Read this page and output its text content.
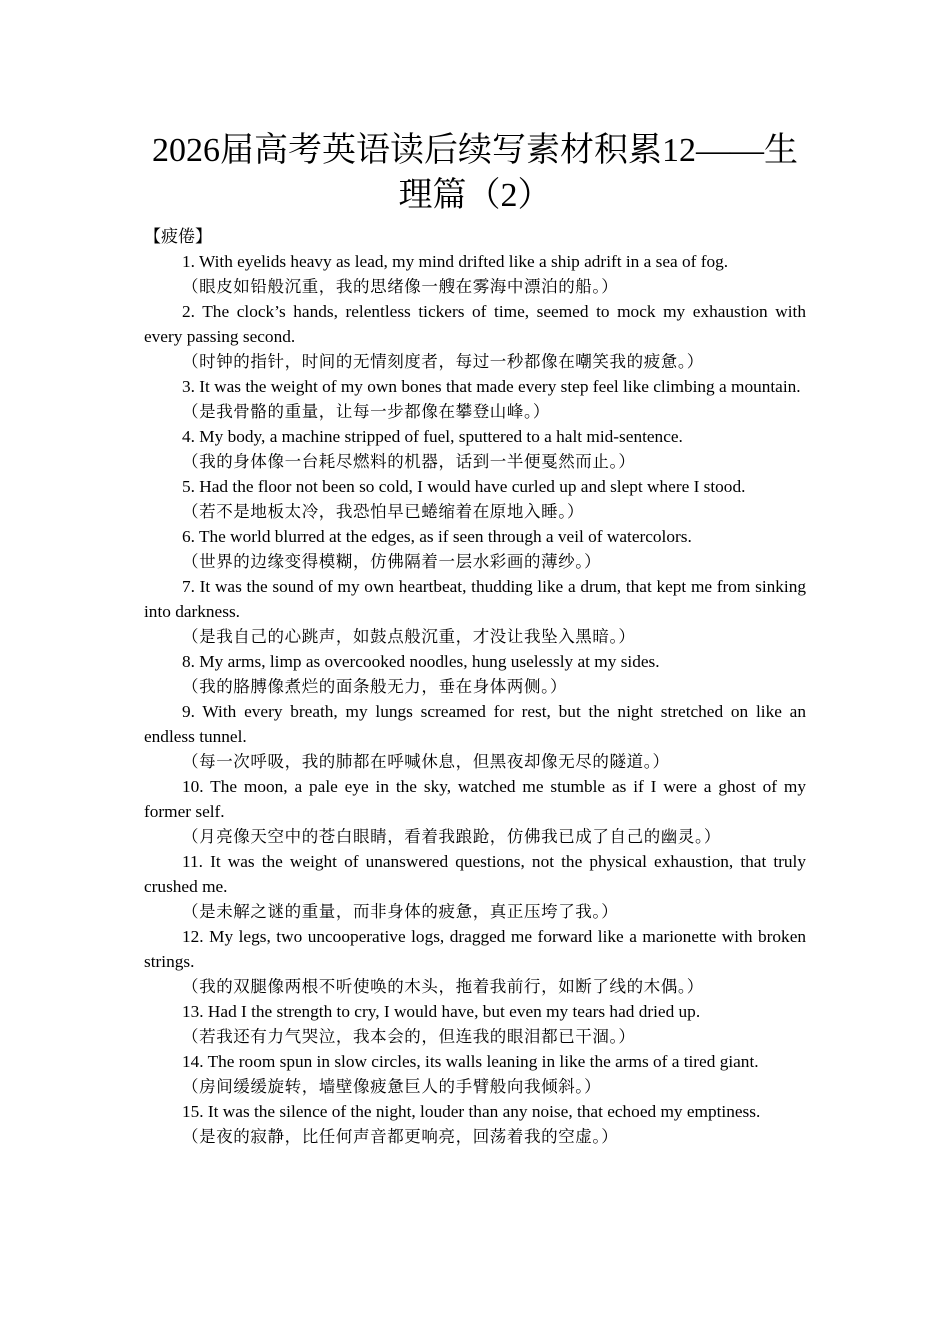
2026届高考英语读后续写素材积累12——生理篇（2）
【疲倦】

1. With eyelids heavy as lead, my mind drifted like a ship adrift in a sea of fog.

（眼皮如铅般沉重，我的思绪像一艘在雾海中漂泊的船。）

2. The clock’s hands, relentless tickers of time, seemed to mock my exhaustion with every passing second.

（时钟的指针，时间的无情刻度者，每过一秒都像在嘲笑我的疲惫。）

3. It was the weight of my own bones that made every step feel like climbing a mountain.

（是我骨骼的重量，让每一步都像在攀登山峰。）

4. My body, a machine stripped of fuel, sputtered to a halt mid-sentence.

（我的身体像一台耗尽燃料的机器，话到一半便戛然而止。）

5. Had the floor not been so cold, I would have curled up and slept where I stood.

（若不是地板太冷，我恐怕早已蜷缩着在原地入睡。）

6. The world blurred at the edges, as if seen through a veil of watercolors.

（世界的边缘变得模糊，仿佛隔着一层水彩画的薄纱。）

7. It was the sound of my own heartbeat, thudding like a drum, that kept me from sinking into darkness.

（是我自己的心跳声，如鼓点般沉重，才没让我坠入黑暗。）

8. My arms, limp as overcooked noodles, hung uselessly at my sides.

（我的胳膊像煮烂的面条般无力，垂在身体两侧。）

9. With every breath, my lungs screamed for rest, but the night stretched on like an endless tunnel.

（每一次呼吸，我的肺都在呼喊休息，但黑夜却像无尽的隧道。）

10. The moon, a pale eye in the sky, watched me stumble as if I were a ghost of my former self.

（月亮像天空中的苍白眼睛，看着我踉跄，仿佛我已成了自己的幽灵。）

11. It was the weight of unanswered questions, not the physical exhaustion, that truly crushed me.

（是未解之谜的重量，而非身体的疲惫，真正压垮了我。）

12. My legs, two uncooperative logs, dragged me forward like a marionette with broken strings.

（我的双腿像两根不听使唤的木头，拖着我前行，如断了线的木偶。）

13. Had I the strength to cry, I would have, but even my tears had dried up.

（若我还有力气哭泣，我本会的，但连我的眼泪都已干涸。）

14. The room spun in slow circles, its walls leaning in like the arms of a tired giant.

（房间缓缓旋转，墙壁像疲惫巨人的手臂般向我倾斜。）

15. It was the silence of the night, louder than any noise, that echoed my emptiness.

（是夜的寂静，比任何声音都更响亮，回荡着我的空虚。）
